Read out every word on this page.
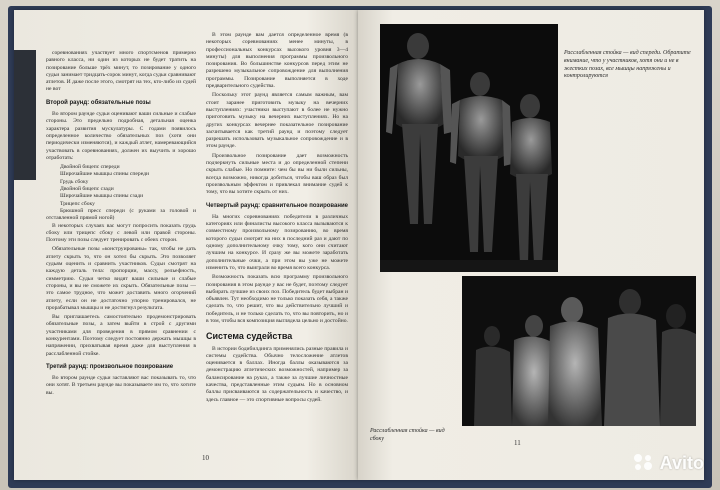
соревнованиях участвует много спортсменов примерно равного класса, ни один из которых не будет тратить на позирование больше трёх минут, то позирование у одного судьи занимает тридцать-сорок минут, когда судьи сравнивают атлетов. И даже после этого, смотрят на тех, кто-либо из судей не вот

Второй раунд: обязательные позы

Во втором раунде судьи оценивают ваши сильные и слабые стороны. Это предельно подробная, детальная оценка характера развития мускулатуры. С годами появилось определенное количество обязательных поз (хотя они периодически изменяются), и каждый атлет, намеревающийся участвовать в соревнованиях, должен их выучить и хорошо отработать:

Двойной бицепс спереди
Широчайшие мышцы спины спереди
Грудь сбоку
Двойной бицепс сзади
Широчайшие мышцы спины сзади
Трицепс сбоку
Брюшной пресс спереди (с руками за головой и отставленной прямой ногой)

В некоторых случаях вас могут попросить показать грудь сбоку или трицепс сбоку с левой или правой стороны. Поэтому эти позы следует тренировать с обеих сторон.

Обязательные позы «конструированы» так, чтобы не дать атлету скрыть то, что он хотел бы скрыть. Это позволяет судьям оценить и сравнить участников. Судьи смотрят на каждую деталь тела: пропорции, массу, рельефность, симметрию. Судьи четко видят ваши сильные и слабые стороны, и вы не сможете их скрыть. Обязательные позы — это самое трудное, что может доставить много огорчений атлету, если он не достаточно упорно тренировался, не прорабатывал мышцы и не достигнул результата.

Вы приглашаетесь самостоятельно продемонстрировать обязательные позы, а затем выйти в строй с другими участниками для проведения в прямом сравнении с конкурентами. Поэтому следует постоянно держать мышцы в напряжении, прихватывая время даже для выступления в расслабленной стойке.

Третий раунд: произвольное позирование

Во втором раунде судьи заставляют вас показывать то, что они хотят. В третьем раунде вы показываете им то, что хотите вы.

В этом раунде вам дается определенное время (в некоторых соревнованиях менее минуты, в профессиональных конкурсах высокого уровня 3—4 минуты) для выполнения программы произвольного позирования. Во большинстве конкурсов перед этим не разрешено музыкальное сопровождение для выполнения программы. Позирование выполняется в ходе предварительного судейства.

Поскольку этот раунд является самым важным, вам стоит заранее приготовить музыку на вечерних выступлениях: участники выступают в более не нужно приготовить музыку на вечерних выступлениях. Но на других конкурсах вечернее показательное позирование засчитывается как третий раунд и поэтому следует разрешать использовать музыкальное сопровождение и в этом раунде.

Произвольное позирование дает возможность подчеркнуть сильные места и до определенной степени скрыть слабые. Но помните: чем бы вы ни были сильны, всегда возможно, никогда добиться, чтобы ваш образ был произвольным эффектом и привлекал внимание судей к тому, что вы хотите скрыть от них.

Четвертый раунд: сравнительное позирование

На многих соревнованиях победители в различных категориях или финалисты высокого класса вызываются к совместному произвольному позированию, во время которого судьи смотрят на них в последний раз и дают по одному дополнительному очку тому, кого они считают лучшим на конкурсе. И сразу же вы можете заработать дополнительные очки, а при этом вы уже не можете изменить то, что выиграли во время всего конкурса.

Возможность показать всю программу произвольного позирования в этом раунде у вас не будет, поэтому следует выбирать лучшие из своих поз. Победитель будет выбран и объявлен. Тут необходимо не только показать себя, а также сделать то, что решит, что вы действительно лучший и победитель, и не только сделать то, что вы повторить, но и в том, чтобы вся композиция выглядела цельно и достойно.

Система судейства

В истории бодибилдинга применялись разные правила и системы судейства. Обычно телосложение атлетов оценивается в баллах. Иногда баллы оказываются за демонстрацию атлетических возможностей, например за балансирование на руках, а также за лучшие личностные качества, представленные этим судьям. Но в основном баллы присваиваются за содержательность и качество, и здесь главное — это спортивные вопросы судей.

10
Расслабленная стойка — вид спереди. Обратите внимание, что у участников, хотя они и не в жестких позах, все мышцы напряжены и контролируются
Расслабленная стойка — вид сбоку
11
Avito
